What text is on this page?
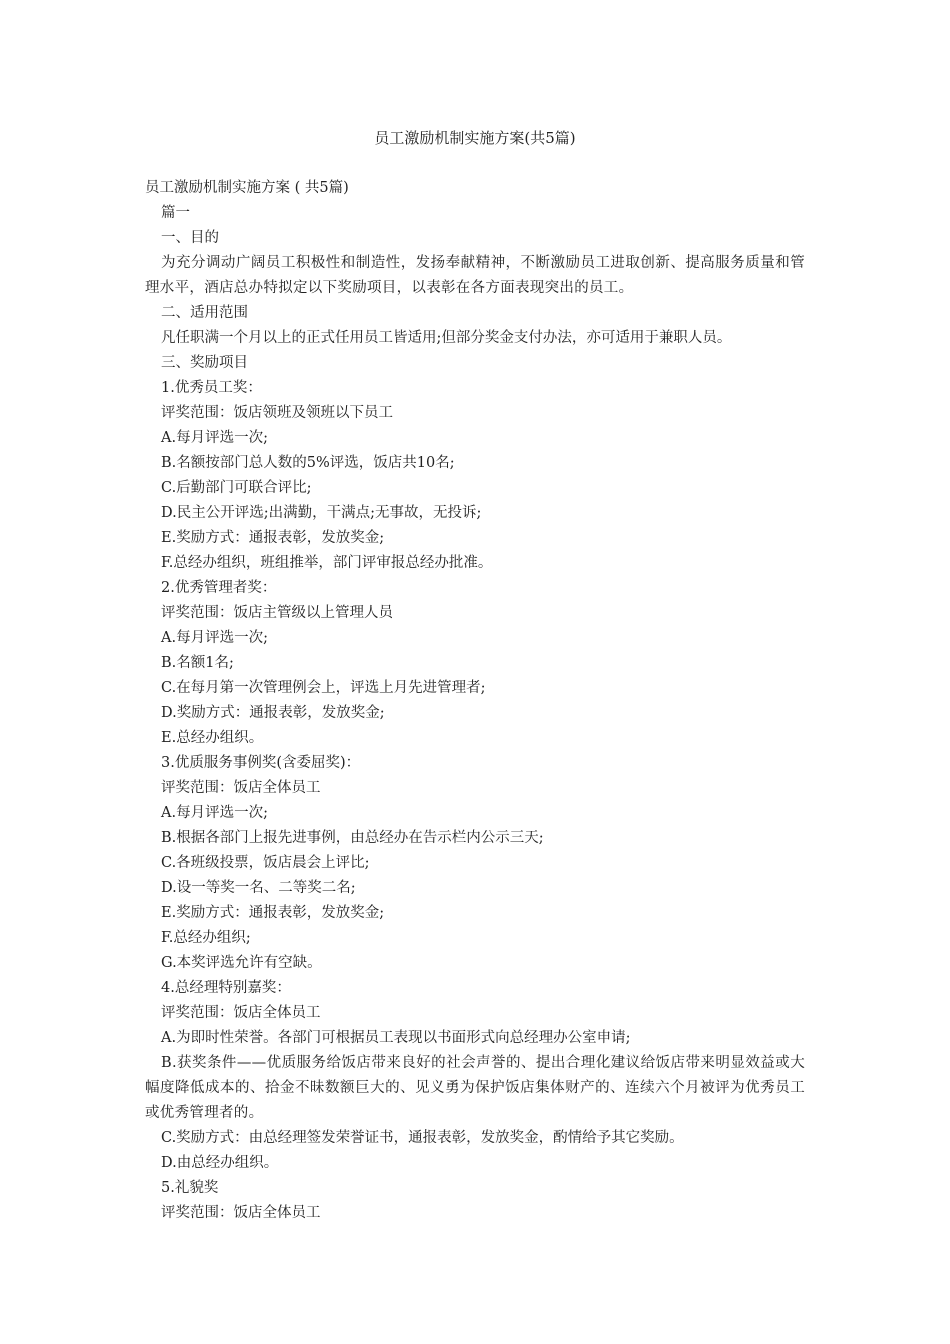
员工激励机制实施方案(共5篇)
员工激励机制实施方案 ( 共5篇)
篇一
一、目的
为充分调动广阔员工积极性和制造性，发扬奉献精神，不断激励员工进取创新、提高服务质量和管理水平，酒店总办特拟定以下奖励项目，以表彰在各方面表现突出的员工。
二、适用范围
凡任职满一个月以上的正式任用员工皆适用;但部分奖金支付办法，亦可适用于兼职人员。
三、奖励项目
1.优秀员工奖：
评奖范围：饭店领班及领班以下员工
A.每月评选一次;
B.名额按部门总人数的5%评选，饭店共10名;
C.后勤部门可联合评比;
D.民主公开评选;出满勤，干满点;无事故，无投诉;
E.奖励方式：通报表彰，发放奖金;
F.总经办组织，班组推举，部门评审报总经办批准。
2.优秀管理者奖：
评奖范围：饭店主管级以上管理人员
A.每月评选一次;
B.名额1名;
C.在每月第一次管理例会上，评选上月先进管理者;
D.奖励方式：通报表彰，发放奖金;
E.总经办组织。
3.优质服务事例奖(含委屈奖)：
评奖范围：饭店全体员工
A.每月评选一次;
B.根据各部门上报先进事例，由总经办在告示栏内公示三天;
C.各班级投票，饭店晨会上评比;
D.设一等奖一名、二等奖二名;
E.奖励方式：通报表彰，发放奖金;
F.总经办组织;
G.本奖评选允许有空缺。
4.总经理特别嘉奖：
评奖范围：饭店全体员工
A.为即时性荣誉。各部门可根据员工表现以书面形式向总经理办公室申请;
B.获奖条件——优质服务给饭店带来良好的社会声誉的、提出合理化建议给饭店带来明显效益或大幅度降低成本的、拾金不昧数额巨大的、见义勇为保护饭店集体财产的、连续六个月被评为优秀员工或优秀管理者的。
C.奖励方式：由总经理签发荣誉证书，通报表彰，发放奖金，酌情给予其它奖励。
D.由总经办组织。
5.礼貌奖
评奖范围：饭店全体员工
